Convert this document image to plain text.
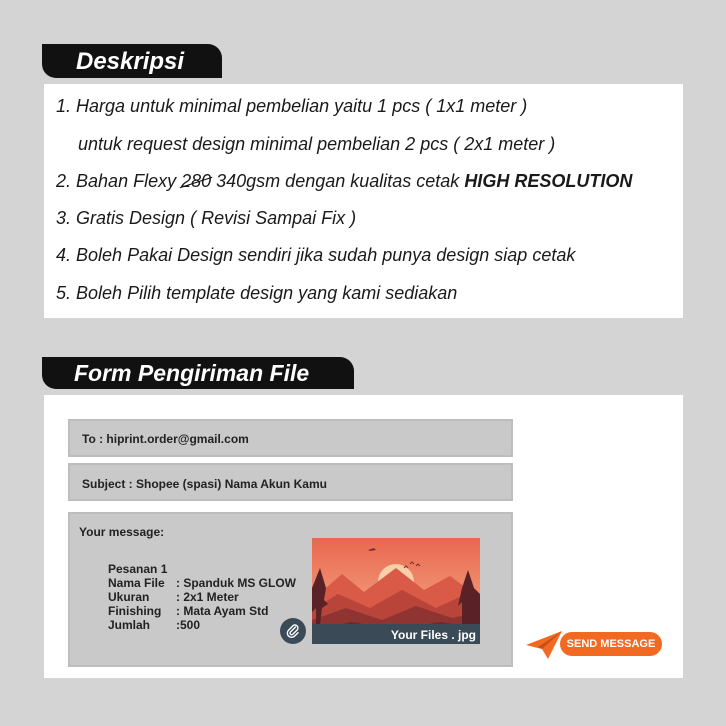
Deskripsi
1. Harga untuk minimal pembelian yaitu 1 pcs ( 1x1 meter )
untuk request design minimal pembelian 2 pcs ( 2x1 meter )
2. Bahan Flexy 280 340gsm dengan kualitas cetak HIGH RESOLUTION
3. Gratis Design ( Revisi Sampai Fix )
4. Boleh Pakai Design sendiri jika sudah punya design siap cetak
5. Boleh Pilih template design yang kami sediakan
Form Pengiriman File
To : hiprint.order@gmail.com
Subject : Shopee (spasi) Nama Akun Kamu
Your message:
Pesanan 1
Nama File : Spanduk MS GLOW
Ukuran : 2x1 Meter
Finishing : Mata Ayam Std
Jumlah :500
Your Files . jpg
SEND MESSAGE
